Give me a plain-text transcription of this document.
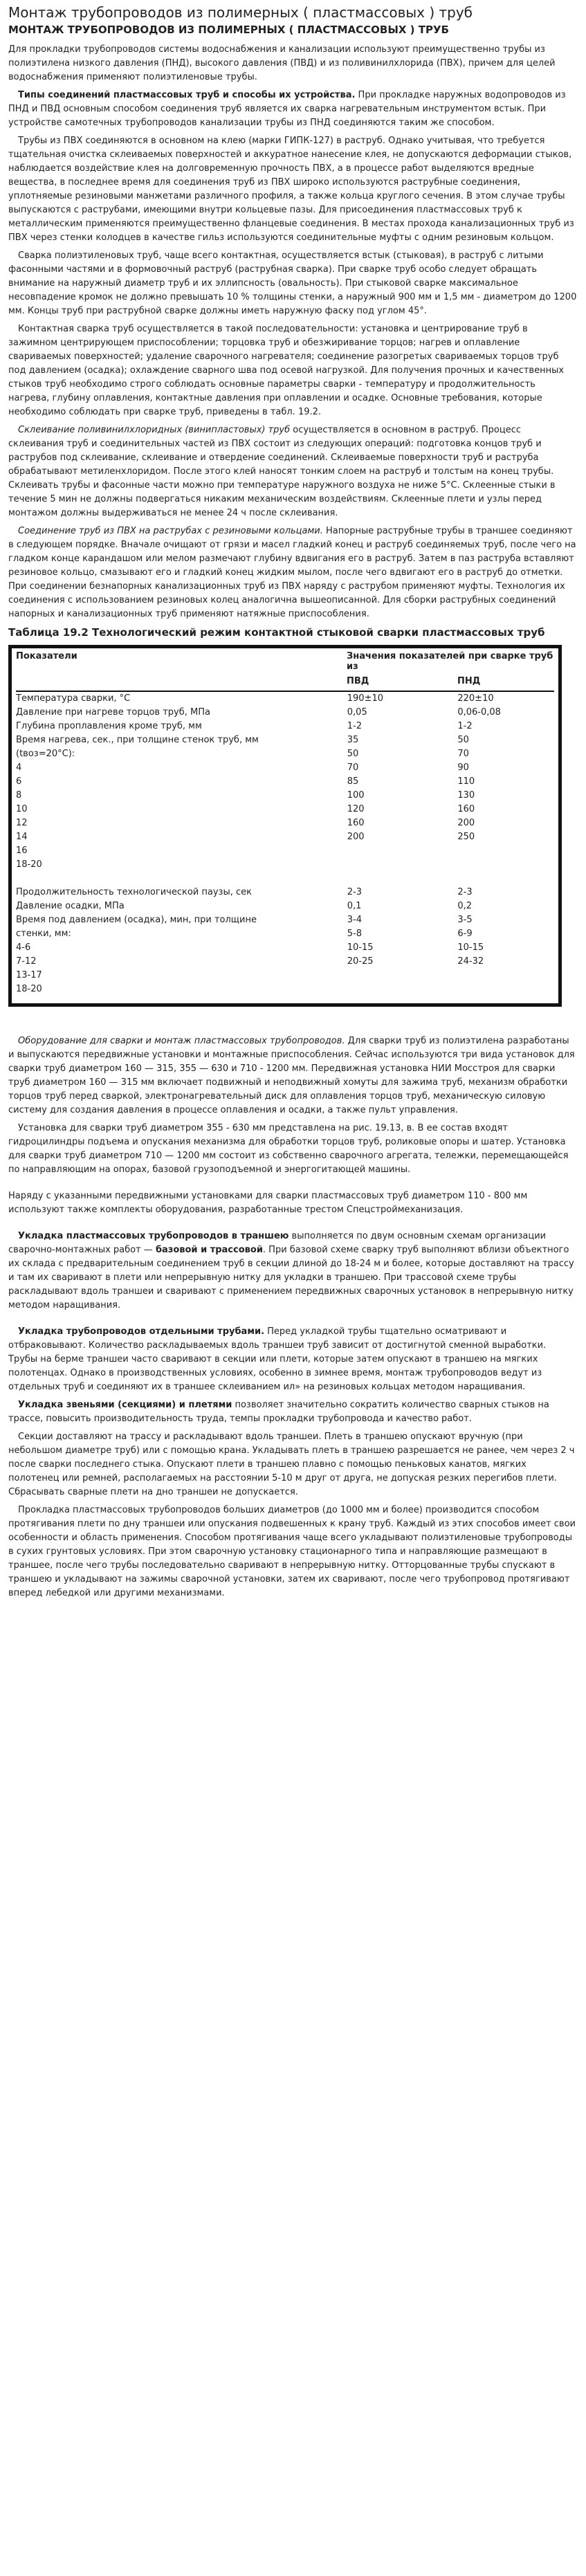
Монтаж трубопроводов из полимерных ( пластмассовых ) труб
МОНТАЖ ТРУБОПРОВОДОВ ИЗ ПОЛИМЕРНЫХ ( ПЛАСТМАССОВЫХ ) ТРУБ

Для прокладки трубопроводов системы водоснабжения и канализации используют преимущественно трубы из полиэтилена низкого давления (ПНД), высокого давления (ПВД) и из поливинилхлорида (ПВХ), причем для целей водоснабжения применяют полиэтиленовые трубы.

Типы соединений пластмассовых труб и способы их устройства. При прокладке наружных водопроводов из ПНД и ПВД основным способом соединения труб является их сварка нагревательным инструментом встык. При устройстве самотечных трубопроводов канализации трубы из ПНД соединяются таким же способом.

Трубы из ПВХ соединяются в основном на клею (марки ГИПК-127) в раструб. Однако учитывая, что требуется тщательная очистка склеиваемых поверхностей и аккуратное нанесение клея, не допускаются деформации стыков, наблюдается воздействие клея на долговременную прочность ПВХ, а в процессе работ выделяются вредные вещества, в последнее время для соединения труб из ПВХ широко используются раструбные соединения, уплотняемые резиновыми манжетами различного профиля, а также кольца круглого сечения. В этом случае трубы выпускаются с раструбами, имеющими внутри кольцевые пазы. Для присоединения пластмассовых труб к металлическим применяются преимущественно фланцевые соединения. В местах прохода канализационных труб из ПВХ через стенки колодцев в качестве гильз используются соединительные муфты с одним резиновым кольцом.

Сварка полиэтиленовых труб, чаще всего контактная, осуществляется встык (стыковая), в раструб с литыми фасонными частями и в формовочный раструб (раструбная сварка). При сварке труб особо следует обращать внимание на наружный диаметр труб и их эллипсность (овальность). При стыковой сварке максимальное несовпадение кромок не должно превышать 10 % толщины стенки, а наружный 900 мм и 1,5 мм - диаметром до 1200 мм. Концы труб при раструбной сварке должны иметь наружную фаску под углом 45°.

Контактная сварка труб осуществляется в такой последовательности: установка и центрирование труб в зажимном центрирующем приспособлении; торцовка труб и обезжиривание торцов; нагрев и оплавление свариваемых поверхностей; удаление сварочного нагревателя; соединение разогретых свариваемых торцов труб под давлением (осадка); охлаждение сварного шва под осевой нагрузкой. Для получения прочных и качественных стыков труб необходимо строго соблюдать основные параметры сварки - температуру и продолжительность нагрева, глубину оплавления, контактные давления при оплавлении и осадке. Основные требования, которые необходимо соблюдать при сварке труб, приведены в табл. 19.2.

Склеивание поливинилхлоридных (винипластовых) труб осуществляется в основном в раструб. Процесс склеивания труб и соединительных частей из ПВХ состоит из следующих операций: подготовка концов труб и раструбов под склеивание, склеивание и отвердение соединений. Склеиваемые поверхности труб и раструба обрабатывают метиленхлоридом. После этого клей наносят тонким слоем на раструб и толстым на конец трубы. Склеивать трубы и фасонные части можно при температуре наружного воздуха не ниже 5°С. Склеенные стыки в течение 5 мин не должны подвергаться никаким механическим воздействиям. Склеенные плети и узлы перед монтажом должны выдерживаться не менее 24 ч после склеивания.

Соединение труб из ПВХ на раструбах с резиновыми кольцами. Напорные раструбные трубы в траншее соединяют в следующем порядке. Вначале очищают от грязи и масел гладкий конец и раструб соединяемых труб, после чего на гладком конце карандашом или мелом размечают глубину вдвигания его в раструб. Затем в паз раструба вставляют резиновое кольцо, смазывают его и гладкий конец жидким мылом, после чего вдвигают его в раструб до отметки. При соединении безнапорных канализационных труб из ПВХ наряду с раструбом применяют муфты. Технология их соединения с использованием резиновых колец аналогична вышеописанной. Для сборки раструбных соединений напорных и канализационных труб применяют натяжные приспособления.

Таблица 19.2 Технологический режим контактной стыковой сварки пластмассовых труб
Показатели	Значения показателей при сварке труб из
ПВД	ПНД
Температура сварки, °С	190±10	220±10
Давление при нагреве торцов труб, МПа	0,05	0,06-0,08
Глубина проплавления кроме труб, мм	1-2	1-2
Время нагрева, сек., при толщине стенок труб, мм	35	50
(tвоз=20°С):	50	70
4	70	90
6	85	110
8	100	130
10	120	160
12	160	200
14	200	250
16
18-20
Продолжительность технологической паузы, сек	2-3	2-3
Давление осадки, МПа	0,1	0,2
Время под давлением (осадка), мин, при толщине	3-4	3-5
стенки, мм:	5-8	6-9
4-6	10-15	10-15
7-12	20-25	24-32
13-17
18-20

Оборудование для сварки и монтаж пластмассовых трубопроводов. Для сварки труб из полиэтилена разработаны и выпускаются передвижные установки и монтажные приспособления. Сейчас используются три вида установок для сварки труб диаметром 160 — 315, 355 — 630 и 710 - 1200 мм. Передвижная установка НИИ Мосстроя для сварки труб диаметром 160 — 315 мм включает подвижный и неподвижный хомуты для зажима труб, механизм обработки торцов труб перед сваркой, электронагревательный диск для оплавления торцов труб, механическую силовую систему для создания давления в процессе оплавления и осадки, а также пульт управления.

Установка для сварки труб диаметром 355 - 630 мм представлена на рис. 19.13, в. В ее состав входят гидроцилиндры подъема и опускания механизма для обработки торцов труб, роликовые опоры и шатер. Установка для сварки труб диаметром 710 — 1200 мм состоит из собственно сварочного агрегата, тележки, перемещающейся по направляющим на опорах, базовой грузоподъемной и энергогитающей машины.

Наряду с указанными передвижными установками для сварки пластмассовых труб диаметром 110 - 800 мм используют также комплекты оборудования, разработанные трестом Спецстроймеханизация.

Укладка пластмассовых трубопроводов в траншею выполняется по двум основным схемам организации сварочно-монтажных работ — базовой и трассовой. При базовой схеме сварку труб выполняют вблизи объектного их склада с предварительным соединением труб в секции длиной до 18-24 м и более, которые доставляют на трассу и там их сваривают в плети или непрерывную нитку для укладки в траншею. При трассовой схеме трубы раскладывают вдоль траншеи и сваривают с применением передвижных сварочных установок в непрерывную нитку методом наращивания.

Укладка трубопроводов отдельными трубами. Перед укладкой трубы тщательно осматривают и отбраковывают. Количество раскладываемых вдоль траншеи труб зависит от достигнутой сменной выработки. Трубы на берме траншеи часто сваривают в секции или плети, которые затем опускают в траншею на мягких полотенцах. Однако в производственных условиях, особенно в зимнее время, монтаж трубопроводов ведут из отдельных труб и соединяют их в траншее склеиванием ил» на резиновых кольцах методом наращивания.

Укладка звеньями (секциями) и плетями позволяет значительно сократить количество сварных стыков на трассе, повысить производительность труда, темпы прокладки трубопровода и качество работ.

Секции доставляют на трассу и раскладывают вдоль траншеи. Плеть в траншею опускают вручную (при небольшом диаметре труб) или с помощью крана. Укладывать плеть в траншею разрешается не ранее, чем через 2 ч после сварки последнего стыка. Опускают плети в траншею плавно с помощью пеньковых канатов, мягких полотенец или ремней, располагаемых на расстоянии 5-10 м друг от друга, не допуская резких перегибов плети. Сбрасывать сварные плети на дно траншеи не допускается.

Прокладка пластмассовых трубопроводов больших диаметров (до 1000 мм и более) производится способом протягивания плети по дну траншеи или опускания подвешенных к крану труб. Каждый из этих способов имеет свои особенности и область применения. Способом протягивания чаще всего укладывают полиэтиленовые трубопроводы в сухих грунтовых условиях. При этом сварочную установку стационарного типа и направляющие размещают в траншее, после чего трубы последовательно сваривают в непрерывную нитку. Отторцованные трубы спускают в траншею и укладывают на зажимы сварочной установки, затем их сваривают, после чего трубопровод протягивают вперед лебедкой или другими механизмами.
